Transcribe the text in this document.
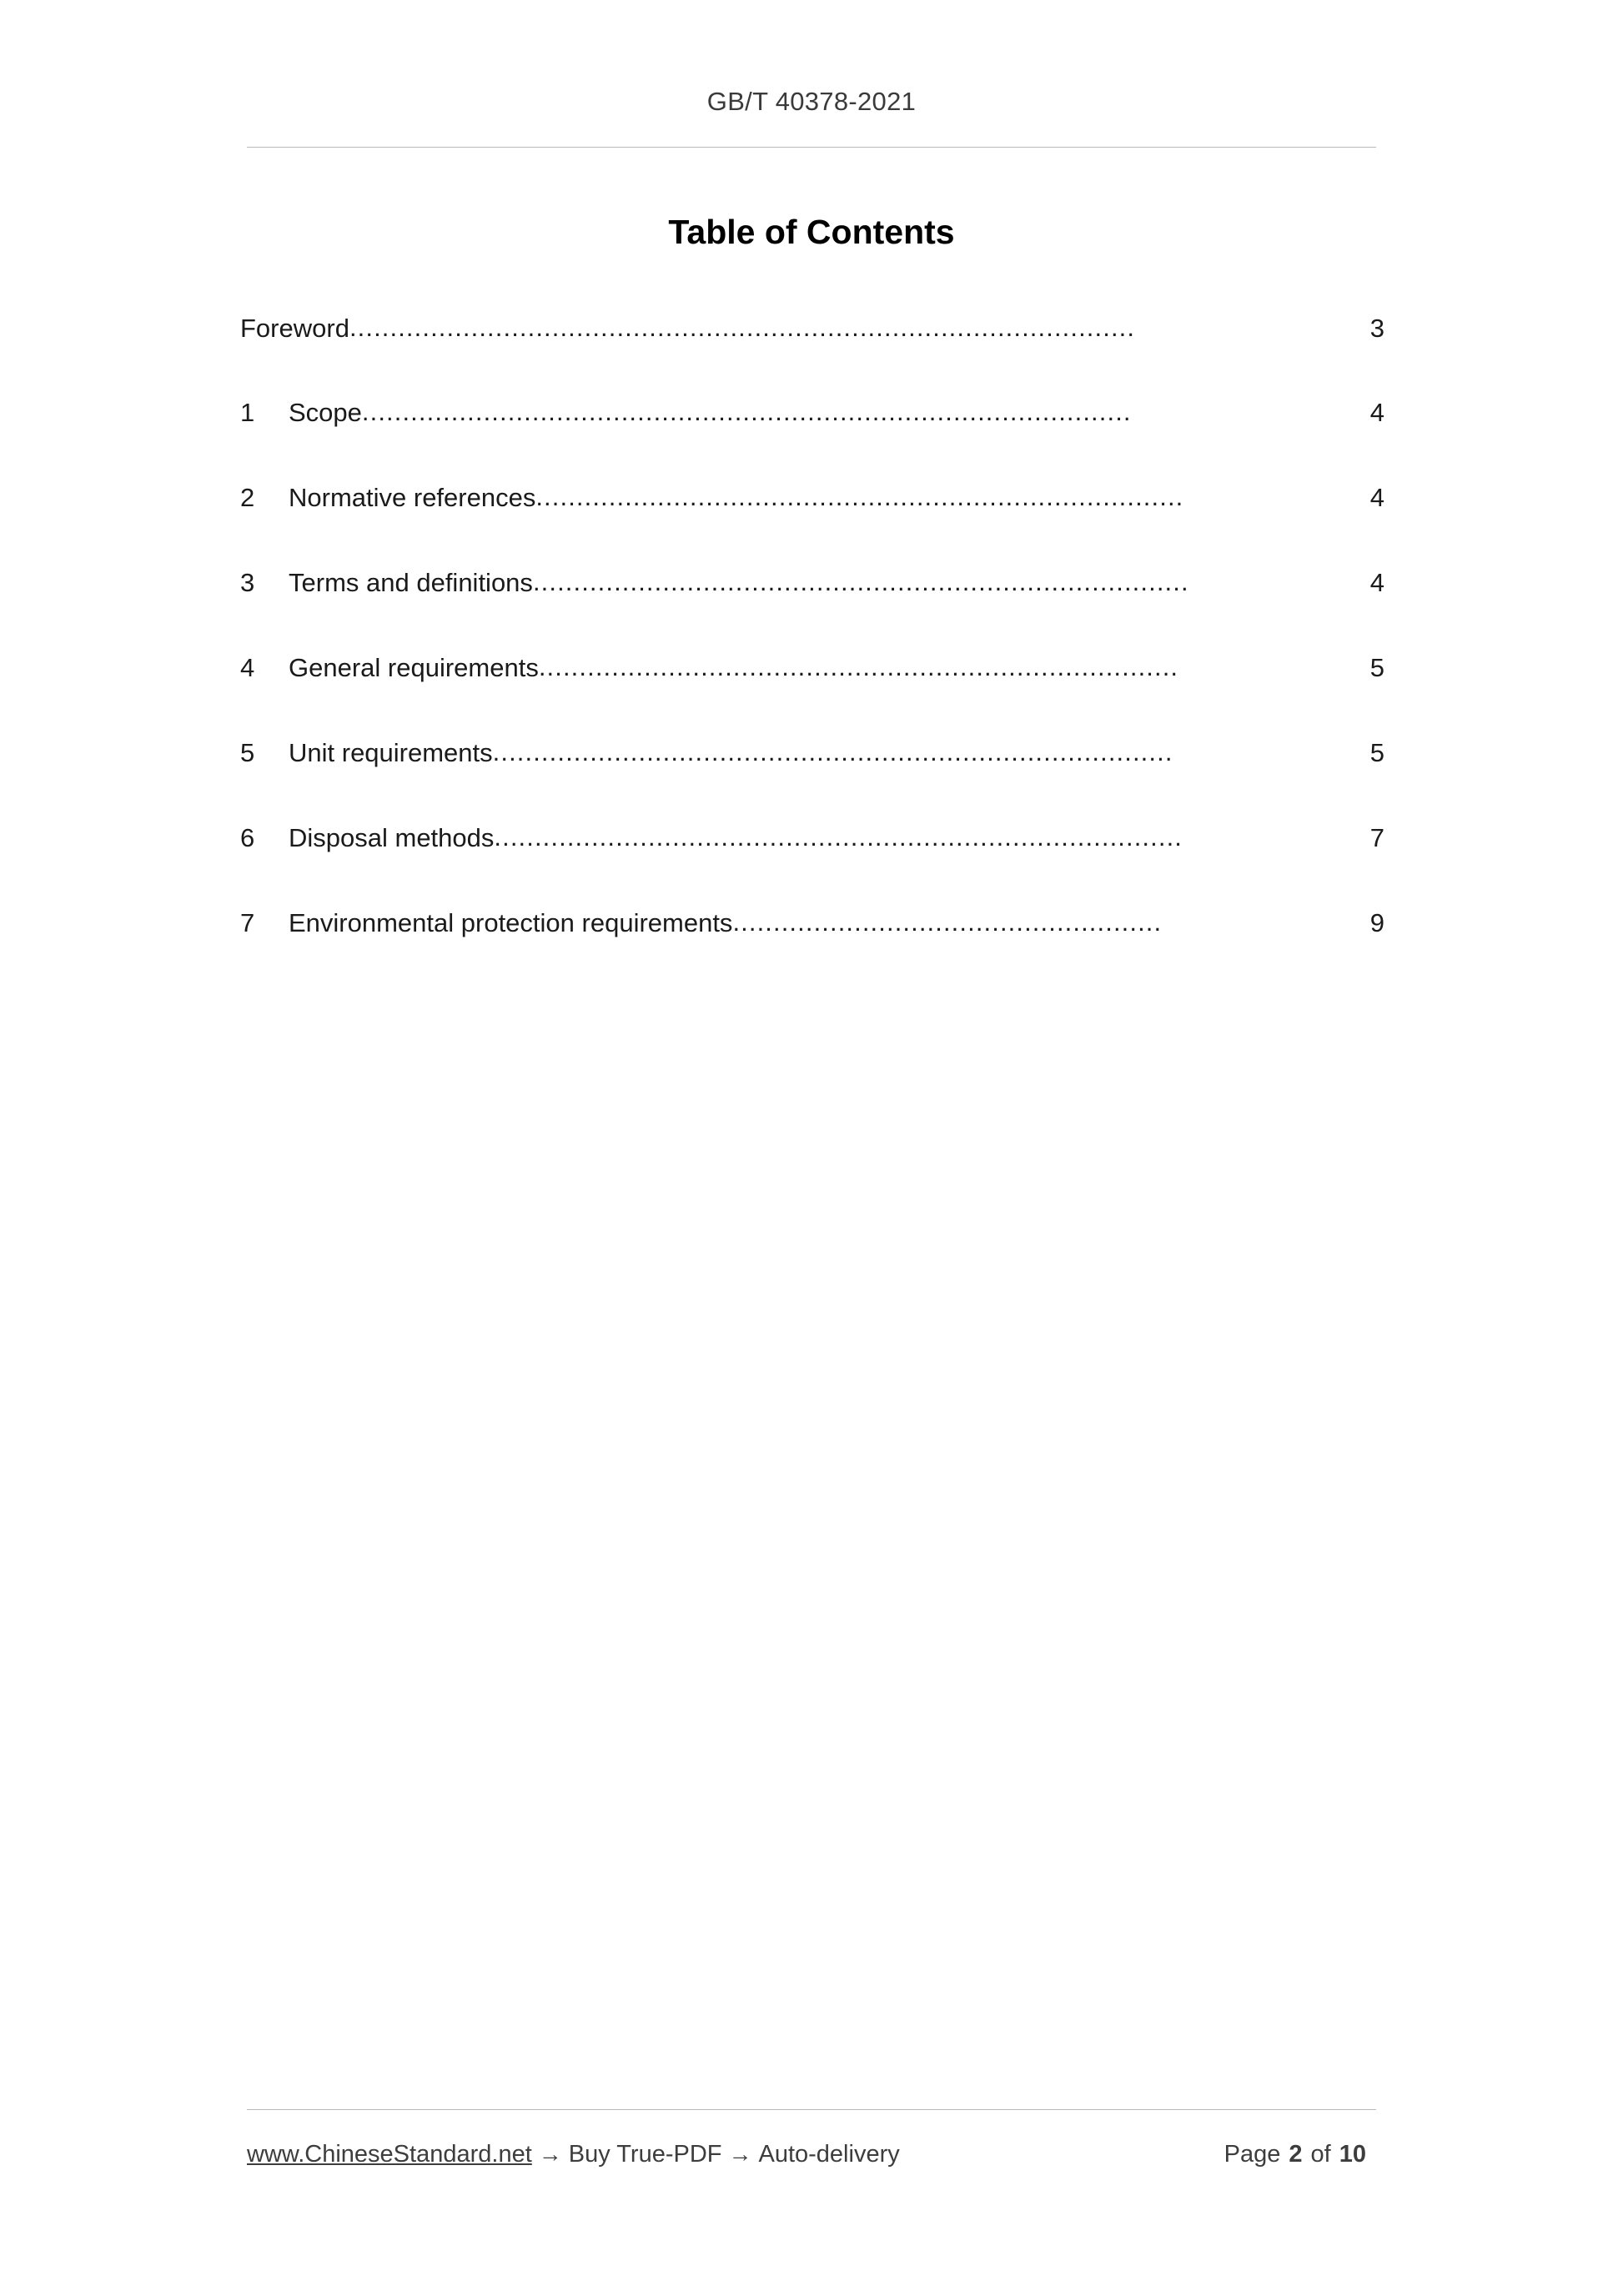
GB/T 40378-2021
Table of Contents
Foreword .................................................................................................	3
1	Scope ...............................................................................................	4
2	Normative references ................................................................................	4
3	Terms and definitions .................................................................................	4
4	General requirements ...............................................................................	5
5	Unit requirements ....................................................................................	5
6	Disposal methods .....................................................................................	7
7	Environmental protection requirements .....................................................	9
www.ChineseStandard.net → Buy True-PDF → Auto-delivery	Page 2 of 10
